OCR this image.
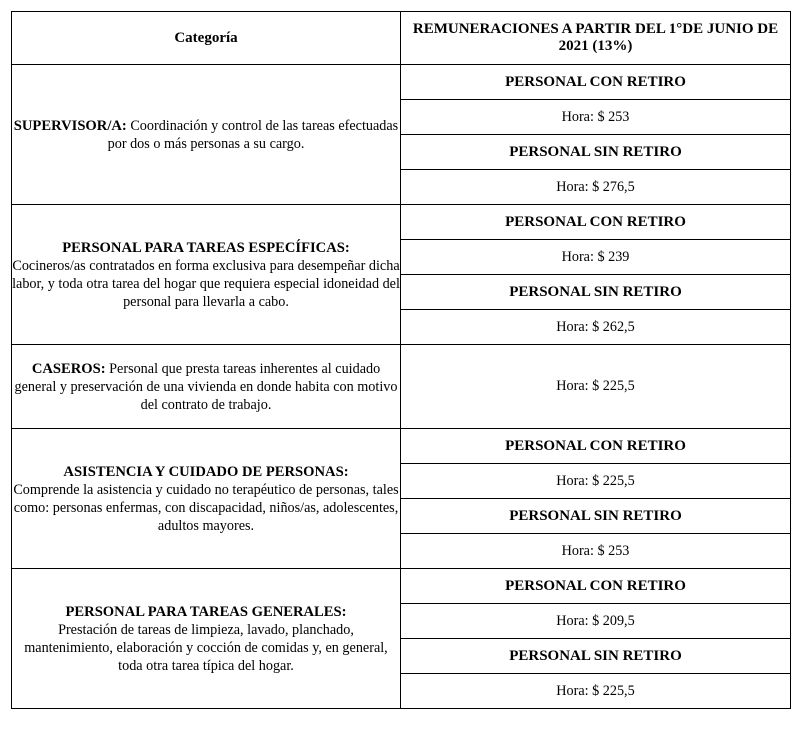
Categoría	REMUNERACIONES A PARTIR DEL 1°DE JUNIO DE 2021 (13%)
SUPERVISOR/A: Coordinación y control de las tareas efectuadas por dos o más personas a su cargo.	PERSONAL CON RETIRO
	Hora: $ 253
	PERSONAL SIN RETIRO
	Hora: $ 276,5
PERSONAL PARA TAREAS ESPECÍFICAS:
Cocineros/as contratados en forma exclusiva para desempeñar dicha labor, y toda otra tarea del hogar que requiera especial idoneidad del personal para llevarla a cabo.	PERSONAL CON RETIRO
	Hora: $ 239
	PERSONAL SIN RETIRO
	Hora: $ 262,5
CASEROS: Personal que presta tareas inherentes al cuidado general y preservación de una vivienda en donde habita con motivo del contrato de trabajo.	Hora: $ 225,5
ASISTENCIA Y CUIDADO DE PERSONAS:
Comprende la asistencia y cuidado no terapéutico de personas, tales como: personas enfermas, con discapacidad, niños/as, adolescentes, adultos mayores.	PERSONAL CON RETIRO
	Hora: $ 225,5
	PERSONAL SIN RETIRO
	Hora: $ 253
PERSONAL PARA TAREAS GENERALES:
Prestación de tareas de limpieza, lavado, planchado, mantenimiento, elaboración y cocción de comidas y, en general, toda otra tarea típica del hogar.	PERSONAL CON RETIRO
	Hora: $ 209,5
	PERSONAL SIN RETIRO
	Hora: $ 225,5
